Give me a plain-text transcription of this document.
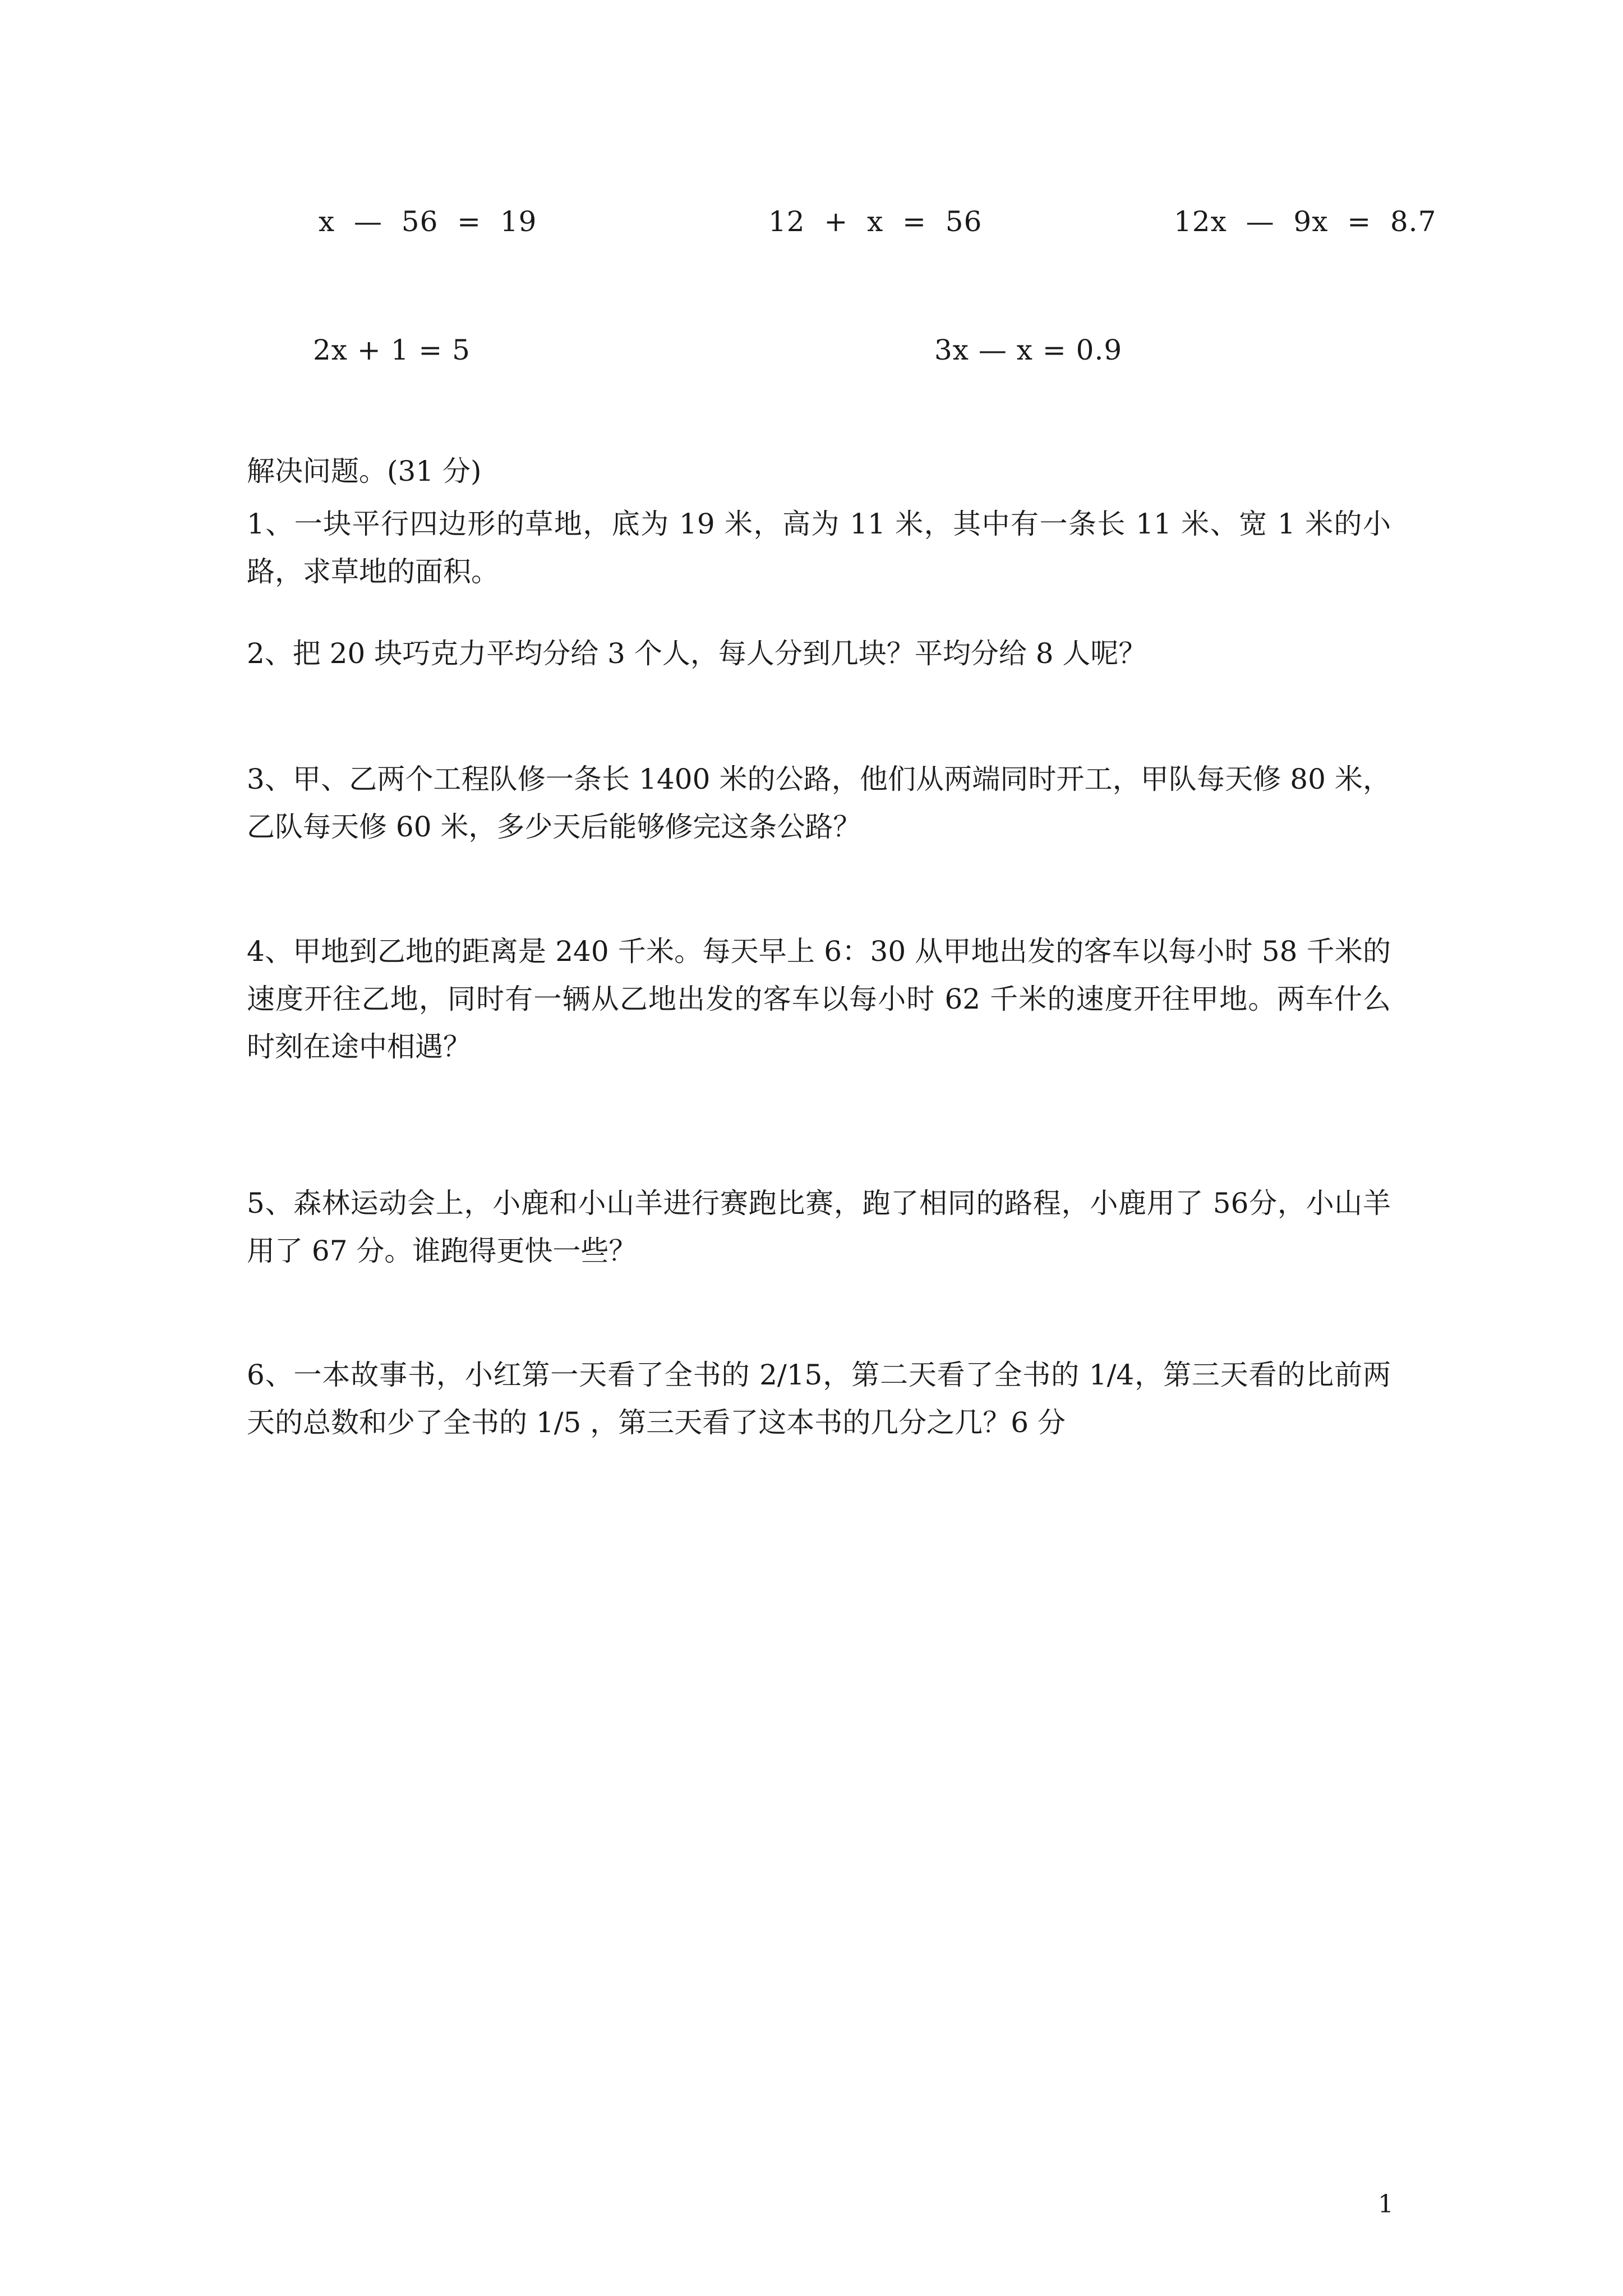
x  —  56  =  19	12  +  x  =  56	12x  —  9x  =  8.7
2x + 1 = 5	3x — x = 0.9
解决问题。(31 分)

1、一块平行四边形的草地，底为 19 米，高为 11 米，其中有一条长 11 米、宽 1 米的小路，求草地的面积。

2、把 20 块巧克力平均分给 3 个人，每人分到几块？平均分给 8 人呢？

3、甲、乙两个工程队修一条长 1400 米的公路，他们从两端同时开工，甲队每天修 80 米，乙队每天修 60 米，多少天后能够修完这条公路？

4、甲地到乙地的距离是 240 千米。每天早上 6：30 从甲地出发的客车以每小时 58 千米的速度开往乙地，同时有一辆从乙地出发的客车以每小时 62 千米的速度开往甲地。两车什么时刻在途中相遇？

5、森林运动会上，小鹿和小山羊进行赛跑比赛，跑了相同的路程，小鹿用了 56分，小山羊用了 67 分。谁跑得更快一些？

6、一本故事书，小红第一天看了全书的 2/15，第二天看了全书的 1/4，第三天看的比前两天的总数和少了全书的 1/5 ，第三天看了这本书的几分之几？6 分

1
